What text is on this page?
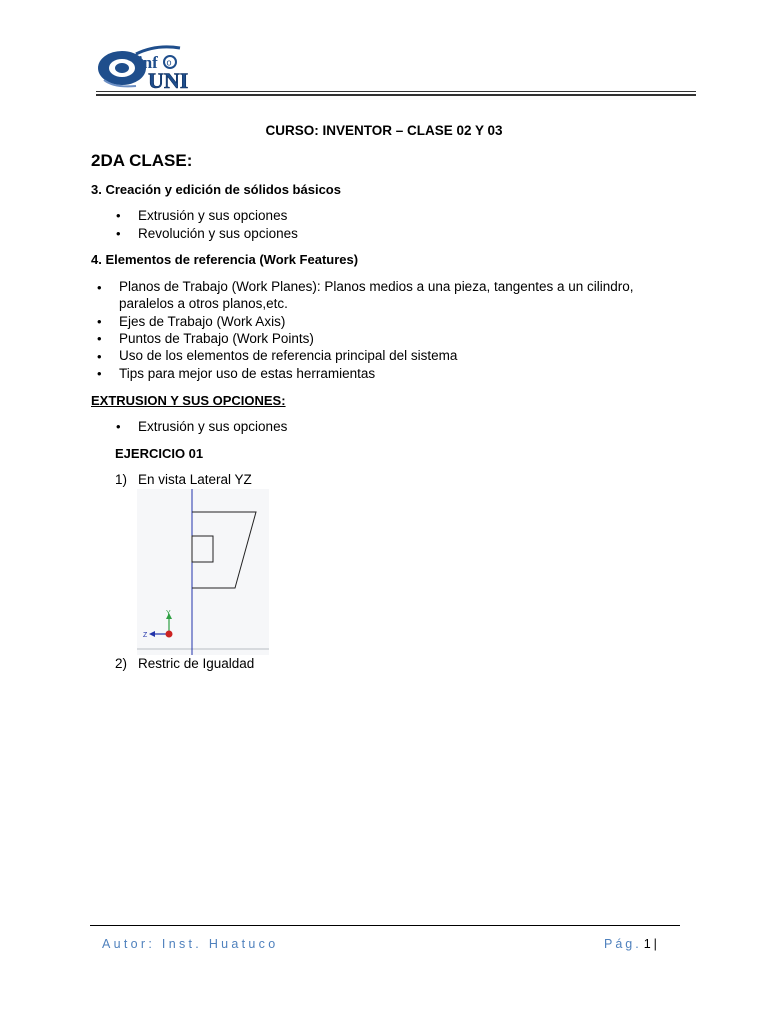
inf o
UNI
CURSO: INVENTOR – CLASE 02 Y 03
2DA CLASE:
3. Creación y edición de sólidos básicos
• Extrusión y sus opciones
• Revolución y sus opciones
4. Elementos de referencia (Work Features)
• Planos de Trabajo (Work Planes): Planos medios a una pieza, tangentes a un cilindro,
paralelos a otros planos,etc.
• Ejes de Trabajo (Work Axis)
• Puntos de Trabajo (Work Points)
• Uso de los elementos de referencia principal del sistema
• Tips para mejor uso de estas herramientas
EXTRUSION Y SUS OPCIONES:
• Extrusión y sus opciones
EJERCICIO 01
1) En vista Lateral YZ
Y
Z
2) Restric de Igualdad
Autor: Inst. Huatuco	Pág. 1 |
